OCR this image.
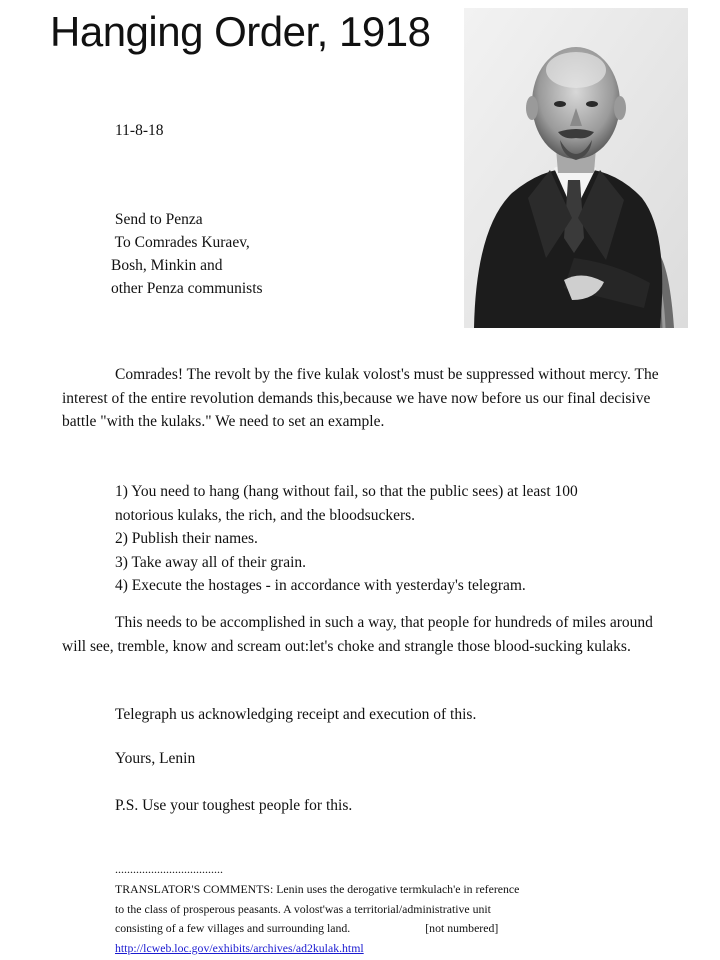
Hanging Order, 1918
11-8-18
Send to Penza
To Comrades Kuraev,
Bosh, Minkin and
other Penza communists
Comrades! The revolt by the five kulak volost's must be suppressed without mercy. The interest of the entire revolution demands this,because we have now before us our final decisive battle "with the kulaks." We need to set an example.
1) You need to hang (hang without fail, so that the public sees) at least 100
notorious kulaks, the rich, and the bloodsuckers.
2) Publish their names.
3) Take away all of their grain.
4) Execute the hostages - in accordance with yesterday's telegram.
This needs to be accomplished in such a way, that people for hundreds of miles around will see, tremble, know and scream out:let's choke and strangle those blood-sucking kulaks.
Telegraph us acknowledging receipt and execution of this.
Yours, Lenin
P.S. Use your toughest people for this.
....................................
TRANSLATOR'S COMMENTS: Lenin uses the derogative termkulach'e in reference
to the class of prosperous peasants. A volost'was a territorial/administrative unit
consisting of a few villages and surrounding land.	[not numbered]
http://lcweb.loc.gov/exhibits/archives/ad2kulak.html
